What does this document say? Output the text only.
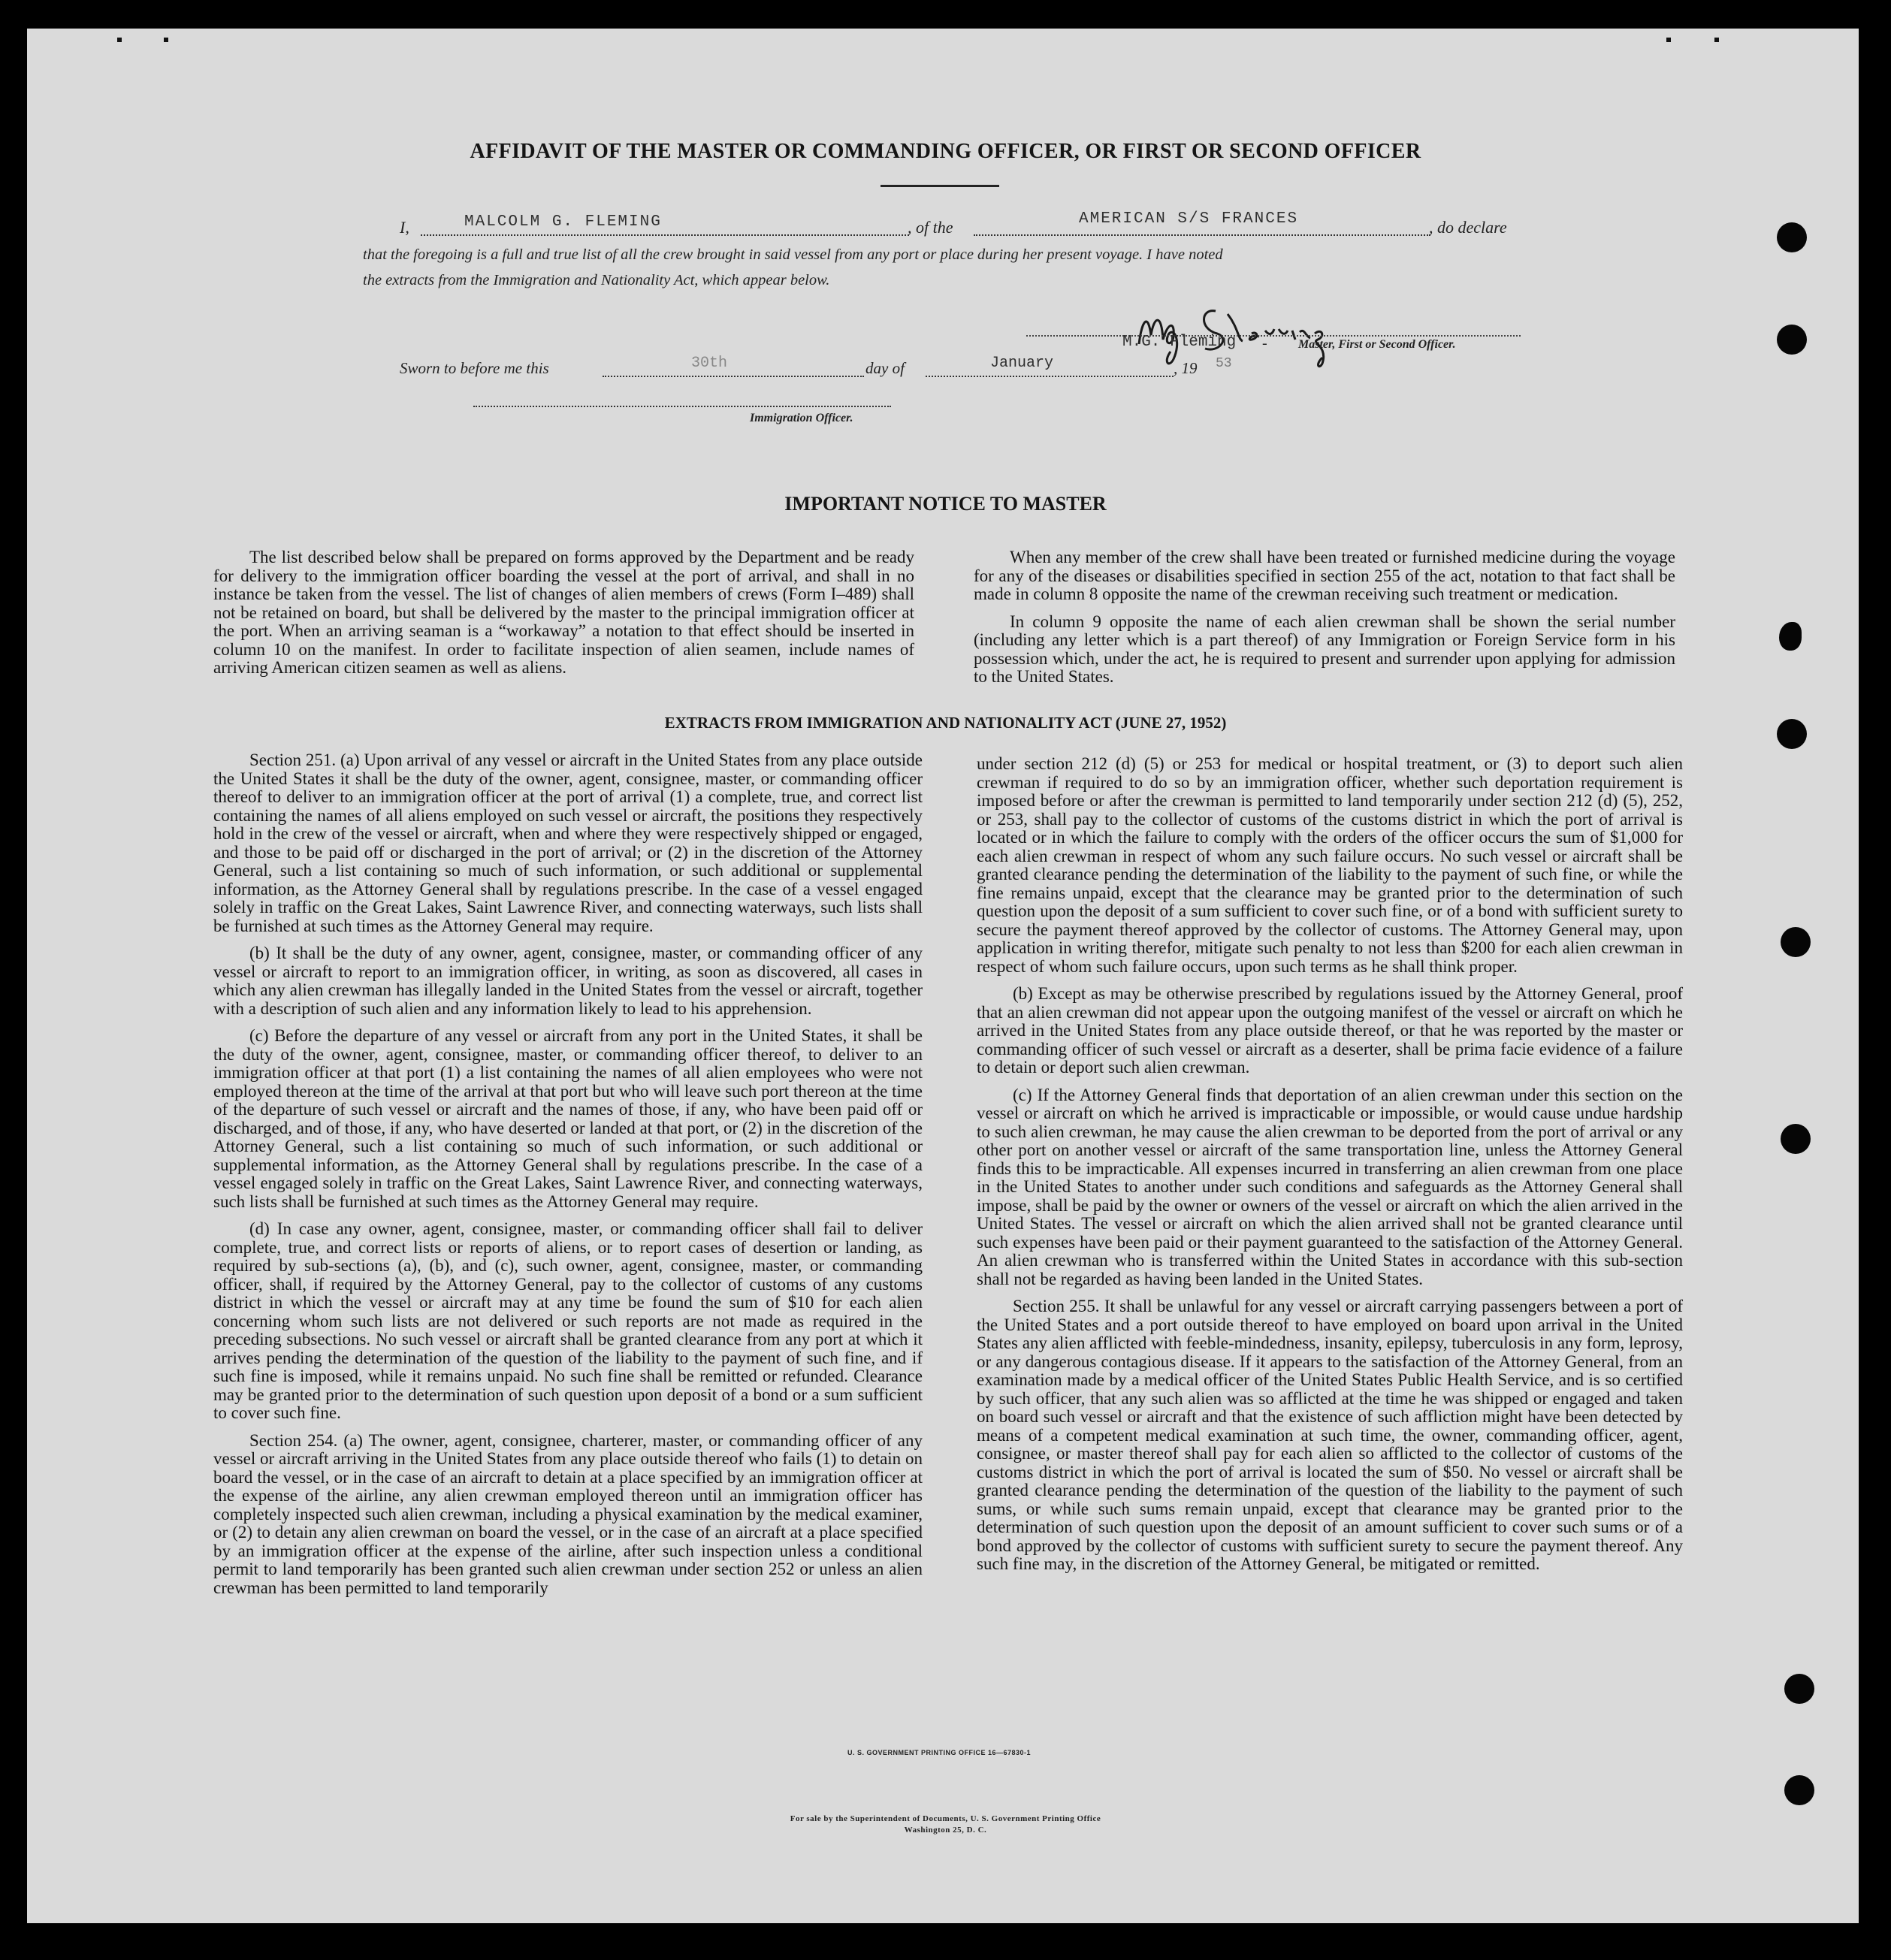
AFFIDAVIT OF THE MASTER OR COMMANDING OFFICER, OR FIRST OR SECOND OFFICER
I,	MALCOLM G. FLEMING	, of the	AMERICAN S/S FRANCES	, do declare
that the foregoing is a full and true list of all the crew brought in said vessel from any port or place during her present voyage. I have noted
the extracts from the Immigration and Nationality Act, which appear below.
M.G. Fleming -	Master, First or Second Officer.
Sworn to before me this	30th	day of	January	, 19 53
Immigration Officer.
IMPORTANT NOTICE TO MASTER

The list described below shall be prepared on forms approved by the Department and be ready for delivery to the immigration officer boarding the vessel at the port of arrival, and shall in no instance be taken from the vessel. The list of changes of alien members of crews (Form I–489) shall not be retained on board, but shall be delivered by the master to the principal immigration officer at the port. When an arriving seaman is a “workaway” a notation to that effect should be inserted in column 10 on the manifest. In order to facilitate inspection of alien seamen, include names of arriving American citizen seamen as well as aliens.

When any member of the crew shall have been treated or furnished medicine during the voyage for any of the diseases or disabilities specified in section 255 of the act, notation to that fact shall be made in column 8 opposite the name of the crewman receiving such treatment or medication.

In column 9 opposite the name of each alien crewman shall be shown the serial number (including any letter which is a part thereof) of any Immigration or Foreign Service form in his possession which, under the act, he is required to present and surrender upon applying for admission to the United States.

EXTRACTS FROM IMMIGRATION AND NATIONALITY ACT (JUNE 27, 1952)

Section 251. (a) Upon arrival of any vessel or aircraft in the United States from any place outside the United States it shall be the duty of the owner, agent, consignee, master, or commanding officer thereof to deliver to an immigration officer at the port of arrival (1) a complete, true, and correct list containing the names of all aliens employed on such vessel or aircraft, the positions they respectively hold in the crew of the vessel or aircraft, when and where they were respectively shipped or engaged, and those to be paid off or discharged in the port of arrival; or (2) in the discretion of the Attorney General, such a list containing so much of such information, or such additional or supplemental information, as the Attorney General shall by regulations prescribe. In the case of a vessel engaged solely in traffic on the Great Lakes, Saint Lawrence River, and connecting waterways, such lists shall be furnished at such times as the Attorney General may require.

(b) It shall be the duty of any owner, agent, consignee, master, or commanding officer of any vessel or aircraft to report to an immigration officer, in writing, as soon as discovered, all cases in which any alien crewman has illegally landed in the United States from the vessel or aircraft, together with a description of such alien and any information likely to lead to his apprehension.

(c) Before the departure of any vessel or aircraft from any port in the United States, it shall be the duty of the owner, agent, consignee, master, or commanding officer thereof, to deliver to an immigration officer at that port (1) a list containing the names of all alien employees who were not employed thereon at the time of the arrival at that port but who will leave such port thereon at the time of the departure of such vessel or aircraft and the names of those, if any, who have been paid off or discharged, and of those, if any, who have deserted or landed at that port, or (2) in the discretion of the Attorney General, such a list containing so much of such information, or such additional or supplemental information, as the Attorney General shall by regulations prescribe. In the case of a vessel engaged solely in traffic on the Great Lakes, Saint Lawrence River, and connecting waterways, such lists shall be furnished at such times as the Attorney General may require.

(d) In case any owner, agent, consignee, master, or commanding officer shall fail to deliver complete, true, and correct lists or reports of aliens, or to report cases of desertion or landing, as required by sub-sections (a), (b), and (c), such owner, agent, consignee, master, or commanding officer, shall, if required by the Attorney General, pay to the collector of customs of any customs district in which the vessel or aircraft may at any time be found the sum of $10 for each alien concerning whom such lists are not delivered or such reports are not made as required in the preceding subsections. No such vessel or aircraft shall be granted clearance from any port at which it arrives pending the determination of the question of the liability to the payment of such fine, and if such fine is imposed, while it remains unpaid. No such fine shall be remitted or refunded. Clearance may be granted prior to the determination of such question upon deposit of a bond or a sum sufficient to cover such fine.

Section 254. (a) The owner, agent, consignee, charterer, master, or commanding officer of any vessel or aircraft arriving in the United States from any place outside thereof who fails (1) to detain on board the vessel, or in the case of an aircraft to detain at a place specified by an immigration officer at the expense of the airline, any alien crewman employed thereon until an immigration officer has completely inspected such alien crewman, including a physical examination by the medical examiner, or (2) to detain any alien crewman on board the vessel, or in the case of an aircraft at a place specified by an immigration officer at the expense of the airline, after such inspection unless a conditional permit to land temporarily has been granted such alien crewman under section 252 or unless an alien crewman has been permitted to land temporarily

under section 212 (d) (5) or 253 for medical or hospital treatment, or (3) to deport such alien crewman if required to do so by an immigration officer, whether such deportation requirement is imposed before or after the crewman is permitted to land temporarily under section 212 (d) (5), 252, or 253, shall pay to the collector of customs of the customs district in which the port of arrival is located or in which the failure to comply with the orders of the officer occurs the sum of $1,000 for each alien crewman in respect of whom any such failure occurs. No such vessel or aircraft shall be granted clearance pending the determination of the liability to the payment of such fine, or while the fine remains unpaid, except that the clearance may be granted prior to the determination of such question upon the deposit of a sum sufficient to cover such fine, or of a bond with sufficient surety to secure the payment thereof approved by the collector of customs. The Attorney General may, upon application in writing therefor, mitigate such penalty to not less than $200 for each alien crewman in respect of whom such failure occurs, upon such terms as he shall think proper.

(b) Except as may be otherwise prescribed by regulations issued by the Attorney General, proof that an alien crewman did not appear upon the outgoing manifest of the vessel or aircraft on which he arrived in the United States from any place outside thereof, or that he was reported by the master or commanding officer of such vessel or aircraft as a deserter, shall be prima facie evidence of a failure to detain or deport such alien crewman.

(c) If the Attorney General finds that deportation of an alien crewman under this section on the vessel or aircraft on which he arrived is impracticable or impossible, or would cause undue hardship to such alien crewman, he may cause the alien crewman to be deported from the port of arrival or any other port on another vessel or aircraft of the same transportation line, unless the Attorney General finds this to be impracticable. All expenses incurred in transferring an alien crewman from one place in the United States to another under such conditions and safeguards as the Attorney General shall impose, shall be paid by the owner or owners of the vessel or aircraft on which the alien arrived in the United States. The vessel or aircraft on which the alien arrived shall not be granted clearance until such expenses have been paid or their payment guaranteed to the satisfaction of the Attorney General. An alien crewman who is transferred within the United States in accordance with this sub-section shall not be regarded as having been landed in the United States.

Section 255. It shall be unlawful for any vessel or aircraft carrying passengers between a port of the United States and a port outside thereof to have employed on board upon arrival in the United States any alien afflicted with feeble-mindedness, insanity, epilepsy, tuberculosis in any form, leprosy, or any dangerous contagious disease. If it appears to the satisfaction of the Attorney General, from an examination made by a medical officer of the United States Public Health Service, and is so certified by such officer, that any such alien was so afflicted at the time he was shipped or engaged and taken on board such vessel or aircraft and that the existence of such affliction might have been detected by means of a competent medical examination at such time, the owner, commanding officer, agent, consignee, or master thereof shall pay for each alien so afflicted to the collector of customs of the customs district in which the port of arrival is located the sum of $50. No vessel or aircraft shall be granted clearance pending the determination of the question of the liability to the payment of such sums, or while such sums remain unpaid, except that clearance may be granted prior to the determination of such question upon the deposit of an amount sufficient to cover such sums or of a bond approved by the collector of customs with sufficient surety to secure the payment thereof. Any such fine may, in the discretion of the Attorney General, be mitigated or remitted.

U. S. GOVERNMENT PRINTING OFFICE 16—67830-1
For sale by the Superintendent of Documents, U. S. Government Printing Office
Washington 25, D. C.
